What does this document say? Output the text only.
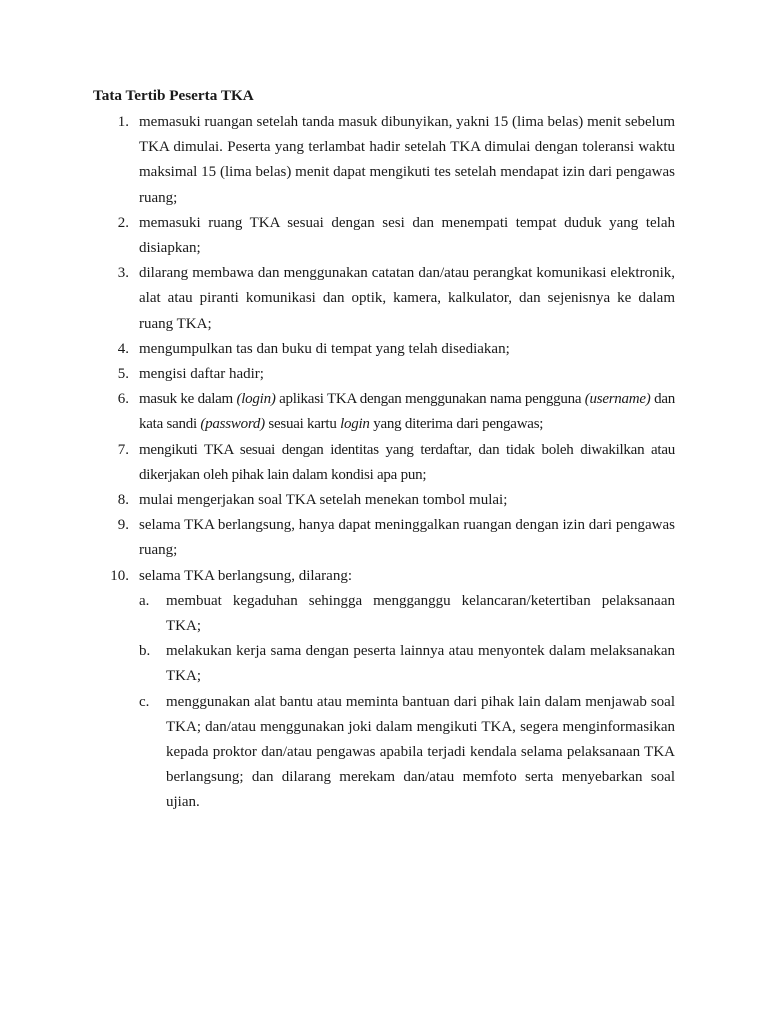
Tata Tertib Peserta TKA
1. memasuki ruangan setelah tanda masuk dibunyikan, yakni 15 (lima belas) menit sebelum TKA dimulai. Peserta yang terlambat hadir setelah TKA dimulai dengan toleransi waktu maksimal 15 (lima belas) menit dapat mengikuti tes setelah mendapat izin dari pengawas ruang;

2. memasuki ruang TKA sesuai dengan sesi dan menempati tempat duduk yang telah disiapkan;

3. dilarang membawa dan menggunakan catatan dan/atau perangkat komunikasi elektronik, alat atau piranti komunikasi dan optik, kamera, kalkulator, dan sejenisnya ke dalam ruang TKA;

4. mengumpulkan tas dan buku di tempat yang telah disediakan;

5. mengisi daftar hadir;

6. masuk ke dalam (login) aplikasi TKA dengan menggunakan nama pengguna (username) dan kata sandi (password) sesuai kartu login yang diterima dari pengawas;

7. mengikuti TKA sesuai dengan identitas yang terdaftar, dan tidak boleh diwakilkan atau dikerjakan oleh pihak lain dalam kondisi apa pun;

8. mulai mengerjakan soal TKA setelah menekan tombol mulai;

9. selama TKA berlangsung, hanya dapat meninggalkan ruangan dengan izin dari pengawas ruang;

10. selama TKA berlangsung, dilarang:

a. membuat kegaduhan sehingga mengganggu kelancaran/ketertiban pelaksanaan TKA;

b. melakukan kerja sama dengan peserta lainnya atau menyontek dalam melaksanakan TKA;

c. menggunakan alat bantu atau meminta bantuan dari pihak lain dalam menjawab soal TKA; dan/atau menggunakan joki dalam mengikuti TKA, segera menginformasikan kepada proktor dan/atau pengawas apabila terjadi kendala selama pelaksanaan TKA berlangsung; dan dilarang merekam dan/atau memfoto serta menyebarkan soal ujian.
